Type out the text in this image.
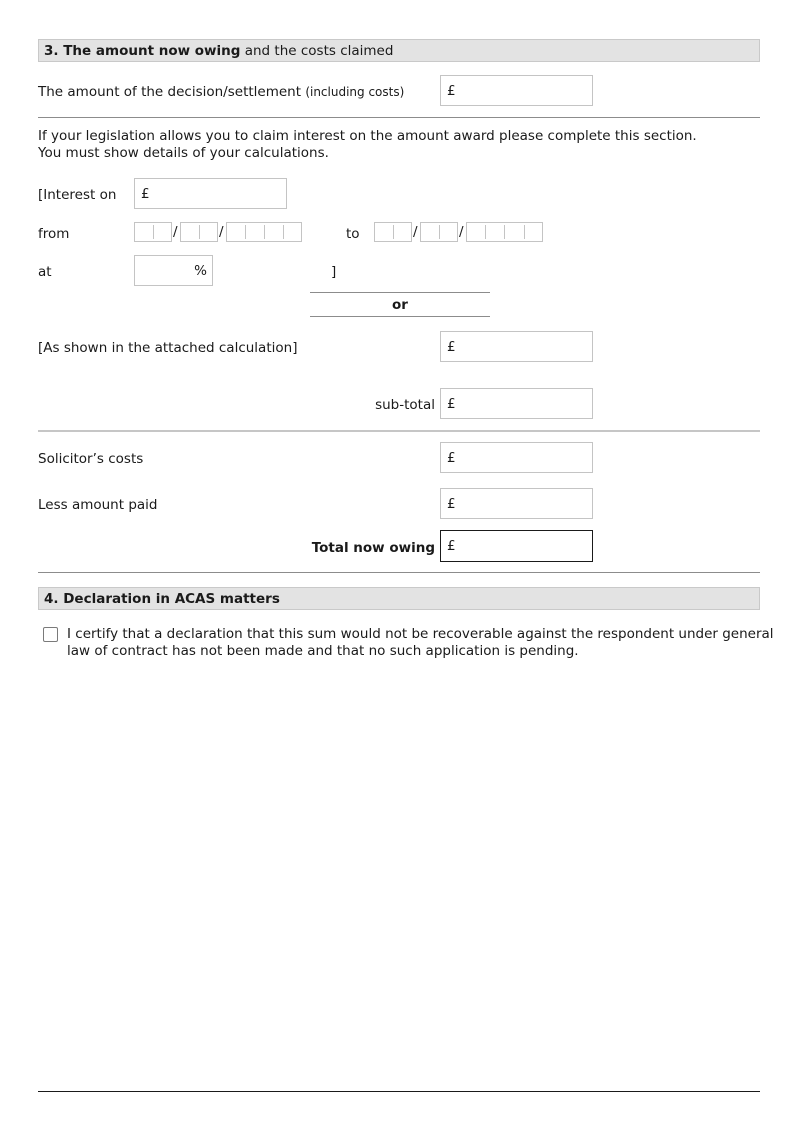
3. The amount now owing and the costs claimed
The amount of the decision/settlement (including costs)	£
If your legislation allows you to claim interest on the amount award please complete this section.
You must show details of your calculations.
[Interest on	£
from	/	/	to	/	/
at	%	]
or
[As shown in the attached calculation]	£
sub-total £
Solicitor’s costs	£
Less amount paid	£
Total now owing £
4. Declaration in ACAS matters
I certify that a declaration that this sum would not be recoverable against the respondent under general
law of contract has not been made and that no such application is pending.
